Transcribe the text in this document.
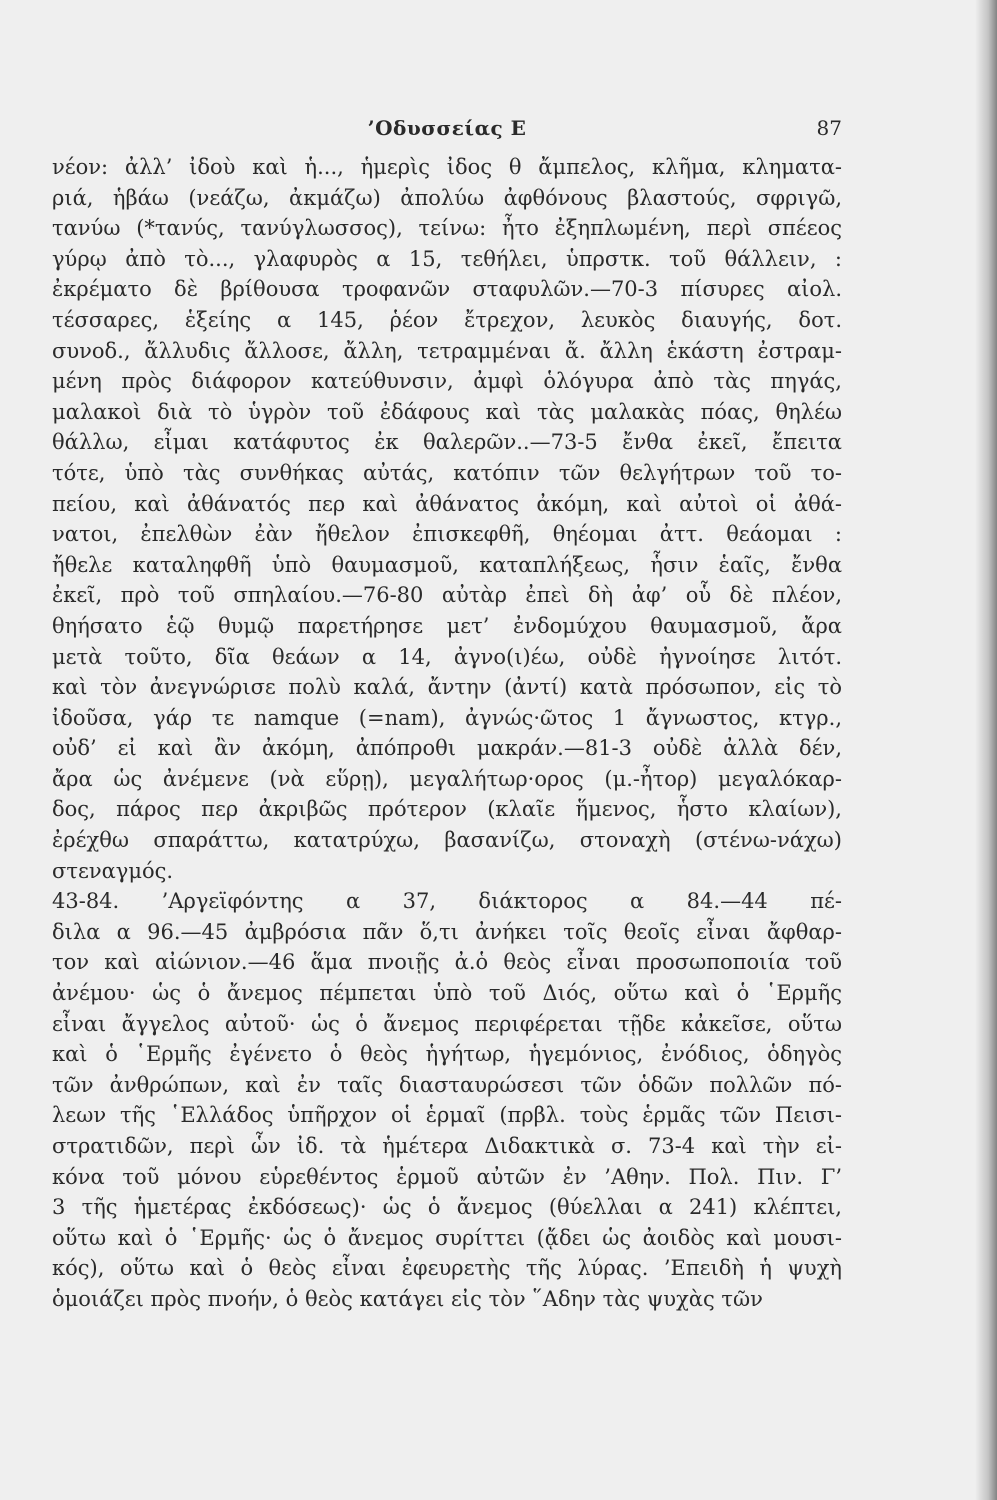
’Οδυσσείας Ε	87
νέον: ἀλλ’ ἰδοὺ καὶ ἡ..., ἡμερὶς ἰδος θ ἄμπελος, κλῆμα, κληματα-
ριά, ἡβάω (νεάζω, ἀκμάζω) ἀπολύω ἀφθόνους βλαστούς, σφριγῶ,
τανύω (*τανύς, τανύγλωσσος), τείνω: ἦτο ἐξηπλωμένη, περὶ σπέεος
γύρῳ ἀπὸ τὸ..., γλαφυρὸς α 15, τεθήλει, ὑπρστκ. τοῦ θάλλειν, :
ἐκρέματο δὲ βρίθουσα τροφανῶν σταφυλῶν.—70-3 πίσυρες αἰολ.
τέσσαρες, ἑξείης α 145, ῥέον ἔτρεχον, λευκὸς διαυγής, δοτ.
συνοδ., ἄλλυδις ἄλλοσε, ἄλλη, τετραμμέναι ἄ. ἄλλη ἑκάστη ἐστραμ-
μένη πρὸς διάφορον κατεύθυνσιν, ἀμφὶ ὁλόγυρα ἀπὸ τὰς πηγάς,
μαλακοὶ διὰ τὸ ὑγρὸν τοῦ ἐδάφους καὶ τὰς μαλακὰς πόας, θηλέω
θάλλω, εἶμαι κατάφυτος ἐκ θαλερῶν..—73-5 ἔνθα ἐκεῖ, ἔπειτα
τότε, ὑπὸ τὰς συνθήκας αὐτάς, κατόπιν τῶν θελγήτρων τοῦ το-
πείου, καὶ ἀθάνατός περ καὶ ἀθάνατος ἀκόμη, καὶ αὐτοὶ οἱ ἀθά-
νατοι, ἐπελθὼν ἐὰν ἤθελον ἐπισκεφθῆ, θηέομαι ἀττ. θεάομαι :
ἤθελε καταληφθῆ ὑπὸ θαυμασμοῦ, καταπλήξεως, ἧσιν ἑαῖς, ἔνθα
ἐκεῖ, πρὸ τοῦ σπηλαίου.—76-80 αὐτὰρ ἐπεὶ δὴ ἀφ’ οὗ δὲ πλέον,
θηήσατο ἑῷ θυμῷ παρετήρησε μετ’ ἐνδομύχου θαυμασμοῦ, ἄρα
μετὰ τοῦτο, δῖα θεάων α 14, ἀγνο(ι)έω, οὐδὲ ἠγνοίησε λιτότ.
καὶ τὸν ἀνεγνώρισε πολὺ καλά, ἄντην (ἀντί) κατὰ πρόσωπον, εἰς τὸ
ἰδοῦσα, γάρ τε namque (=nam), ἀγνώς·ῶτος 1 ἄγνωστος, κτγρ.,
οὐδ’ εἰ καὶ ἂν ἀκόμη, ἀπόπροθι μακράν.—81-3 οὐδὲ ἀλλὰ δέν,
ἄρα ὡς ἀνέμενε (νὰ εὕρῃ), μεγαλήτωρ·ορος (μ.-ἦτορ) μεγαλόκαρ-
δος, πάρος περ ἀκριβῶς πρότερον (κλαῖε ἥμενος, ἧστο κλαίων),
ἐρέχθω σπαράττω, κατατρύχω, βασανίζω, στοναχὴ (στένω-νάχω)
στεναγμός.
43-84. ’Αργεϊφόντης α 37, διάκτορος α 84.—44 πέ-
διλα α 96.—45 ἀμβρόσια πᾶν ὅ,τι ἀνήκει τοῖς θεοῖς εἶναι ἄφθαρ-
τον καὶ αἰώνιον.—46 ἅμα πνοιῇς ἀ.ὁ θεὸς εἶναι προσωποποιία τοῦ
ἀνέμου· ὡς ὁ ἄνεμος πέμπεται ὑπὸ τοῦ Διός, οὕτω καὶ ὁ ῾Ερμῆς
εἶναι ἄγγελος αὐτοῦ· ὡς ὁ ἄνεμος περιφέρεται τῇδε κἀκεῖσε, οὕτω
καὶ ὁ ῾Ερμῆς ἐγένετο ὁ θεὸς ἡγήτωρ, ἡγεμόνιος, ἐνόδιος, ὁδηγὸς
τῶν ἀνθρώπων, καὶ ἐν ταῖς διασταυρώσεσι τῶν ὁδῶν πολλῶν πό-
λεων τῆς ῾Ελλάδος ὑπῆρχον οἱ ἑρμαῖ (πρβλ. τοὺς ἑρμᾶς τῶν Πεισι-
στρατιδῶν, περὶ ὧν ἰδ. τὰ ἡμέτερα Διδακτικὰ σ. 73-4 καὶ τὴν εἰ-
κόνα τοῦ μόνου εὑρεθέντος ἑρμοῦ αὐτῶν ἐν ’Αθην. Πολ. Πιν. Γ’
3 τῆς ἡμετέρας ἐκδόσεως)· ὡς ὁ ἄνεμος (θύελλαι α 241) κλέπτει,
οὕτω καὶ ὁ ῾Ερμῆς· ὡς ὁ ἄνεμος συρίττει (ᾄδει ὡς ἀοιδὸς καὶ μουσι-
κός), οὕτω καὶ ὁ θεὸς εἶναι ἐφευρετὴς τῆς λύρας. ’Επειδὴ ἡ ψυχὴ
ὁμοιάζει πρὸς πνοήν, ὁ θεὸς κατάγει εἰς τὸν ῞Αδην τὰς ψυχὰς τῶν
